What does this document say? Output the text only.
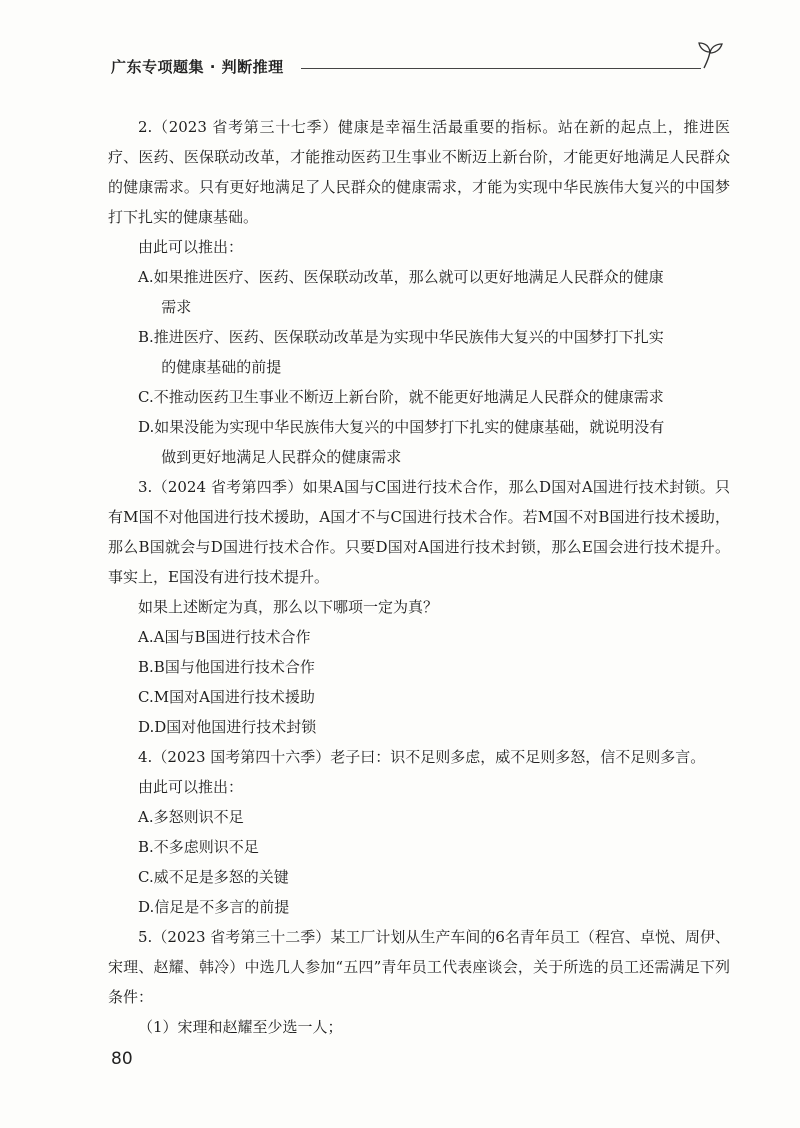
广东专项题集 · 判断推理

2.（2023 省考第三十七季）健康是幸福生活最重要的指标。站在新的起点上，推进医疗、医药、医保联动改革，才能推动医药卫生事业不断迈上新台阶，才能更好地满足人民群众的健康需求。只有更好地满足了人民群众的健康需求，才能为实现中华民族伟大复兴的中国梦打下扎实的健康基础。

由此可以推出：

A.如果推进医疗、医药、医保联动改革，那么就可以更好地满足人民群众的健康
需求

B.推进医疗、医药、医保联动改革是为实现中华民族伟大复兴的中国梦打下扎实
的健康基础的前提

C.不推动医药卫生事业不断迈上新台阶，就不能更好地满足人民群众的健康需求

D.如果没能为实现中华民族伟大复兴的中国梦打下扎实的健康基础，就说明没有
做到更好地满足人民群众的健康需求

3.（2024 省考第四季）如果A国与C国进行技术合作，那么D国对A国进行技术封锁。只有M国不对他国进行技术援助，A国才不与C国进行技术合作。若M国不对B国进行技术援助，那么B国就会与D国进行技术合作。只要D国对A国进行技术封锁，那么E国会进行技术提升。事实上，E国没有进行技术提升。

如果上述断定为真，那么以下哪项一定为真？

A.A国与B国进行技术合作

B.B国与他国进行技术合作

C.M国对A国进行技术援助

D.D国对他国进行技术封锁

4.（2023 国考第四十六季）老子曰：识不足则多虑，威不足则多怒，信不足则多言。

由此可以推出：

A.多怒则识不足

B.不多虑则识不足

C.威不足是多怒的关键

D.信足是不多言的前提

5.（2023 省考第三十二季）某工厂计划从生产车间的6名青年员工（程宫、卓悦、周伊、宋理、赵耀、韩冷）中选几人参加“五四”青年员工代表座谈会，关于所选的员工还需满足下列条件：

（1）宋理和赵耀至少选一人；

80
